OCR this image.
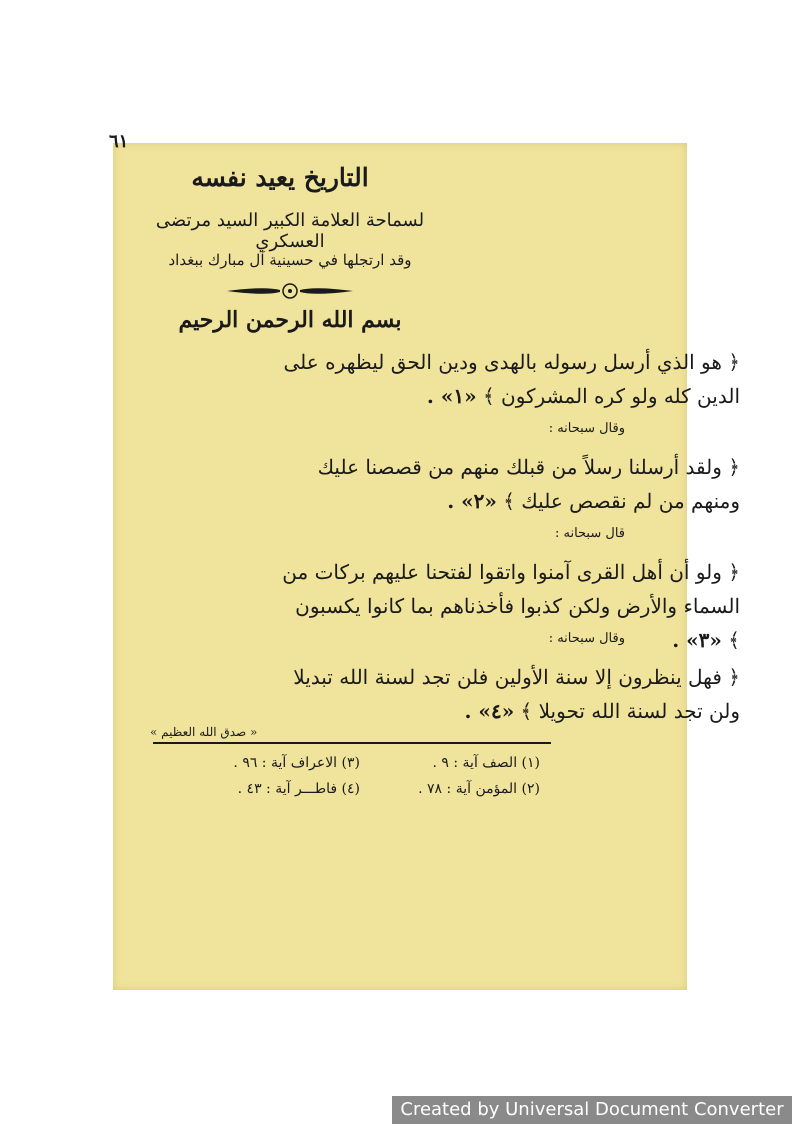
٦١
التاريخ يعيد نفسه
لسماحة العلامة الكبير السيد مرتضى العسكري
وقد ارتجلها في حسينية آل مبارك ببغداد
بسم الله الرحمن الرحيم
﴿ هو الذي أرسل رسوله بالهدى ودين الحق ليظهره على الدين كله ولو كره المشركون ﴾ «١» .
وقال سبحانه :
﴿ ولقد أرسلنا رسلاً من قبلك منهم من قصصنا عليك ومنهم من لم نقصص عليك ﴾ «٢» .
قال سبحانه :
﴿ ولو أن أهل القرى آمنوا واتقوا لفتحنا عليهم بركات من السماء والأرض ولكن كذبوا فأخذناهم بما كانوا يكسبون ﴾ «٣» .
وقال سبحانه :
﴿ فهل ينظرون إلا سنة الأولين فلن تجد لسنة الله تبديلا ولن تجد لسنة الله تحويلا ﴾ «٤» .
« صدق الله العظيم »
(١) الصف آية : ٩ .
(٣) الاعراف آية : ٩٦ .
(٢) المؤمن آية : ٧٨ .
(٤) فاطـــر آية : ٤٣ .
Created by Universal Document Converter
